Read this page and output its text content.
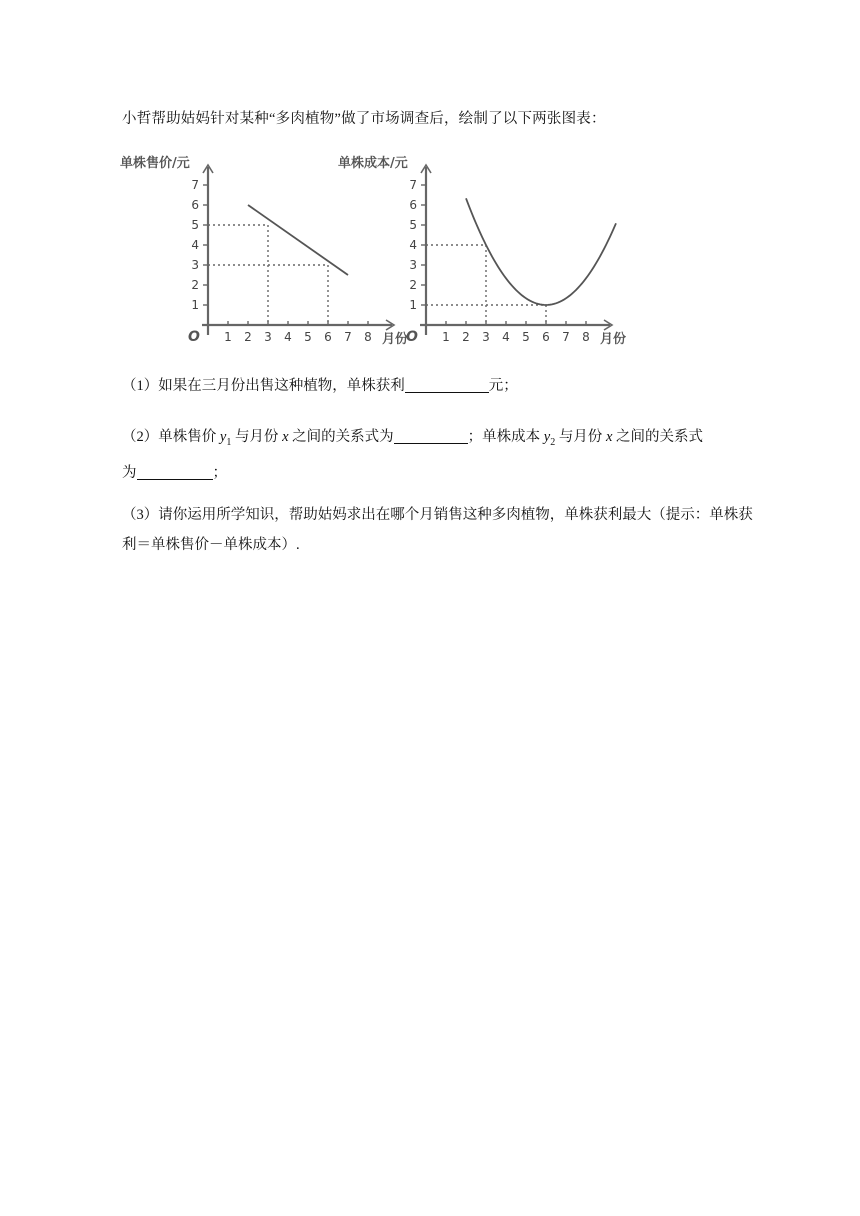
小哲帮助姑妈针对某种“多肉植物”做了市场调查后，绘制了以下两张图表：
1 2 3 4 5 6 7 8
1
2
3
4
5
6
7
O
单株售价/元
月份	1 2 3 4 5 6 7 8
1
2
3
4
5
6
7
O
单株成本/元
月份
（1）如果在三月份出售这种植物，单株获利	元；
（2）单株售价 $y_1$ 与月份 x 之间的关系式为	；单株成本 $y_2$ 与月份 x 之间的关系式
为	；
（3）请你运用所学知识，帮助姑妈求出在哪个月销售这种多肉植物，单株获利最大（提示：单株获利＝单株售价－单株成本）.
